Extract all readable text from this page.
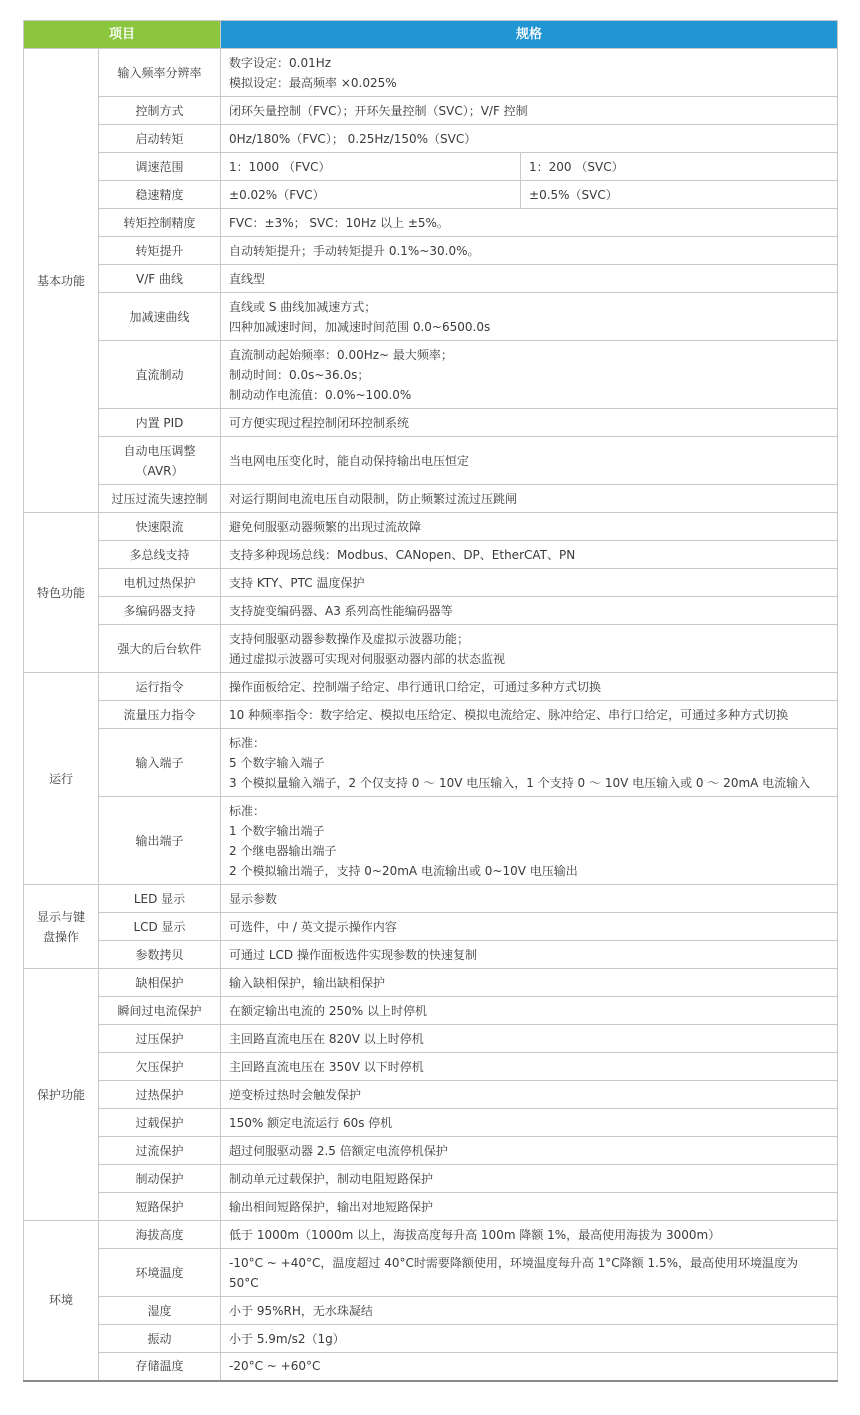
项目		规格	
基本功能	输入频率分辨率	数字设定：0.01Hz
模拟设定：最高频率 ×0.025%	

	控制方式	闭环矢量控制（FVC）；开环矢量控制（SVC）；V/F 控制	

	启动转矩	0Hz/180%（FVC）； 0.25Hz/150%（SVC）	

	调速范围	1：1000 （FVC）	1：200 （SVC）
	稳速精度	±0.02%（FVC）	±0.5%（SVC）
	转矩控制精度	FVC：±3%； SVC：10Hz 以上 ±5%。	

	转矩提升	自动转矩提升；手动转矩提升 0.1%~30.0%。	

	V/F 曲线	直线型	

	加减速曲线	直线或 S 曲线加减速方式；
四种加减速时间，加减速时间范围 0.0~6500.0s	

	直流制动	直流制动起始频率：0.00Hz~ 最大频率；
制动时间：0.0s~36.0s；
制动动作电流值：0.0%~100.0%	

	内置 PID	可方便实现过程控制闭环控制系统	

	自动电压调整
（AVR）	当电网电压变化时，能自动保持输出电压恒定	

	过压过流失速控制	对运行期间电流电压自动限制，防止频繁过流过压跳闸	

特色功能	快速限流	避免伺服驱动器频繁的出现过流故障	

	多总线支持	支持多种现场总线：Modbus、CANopen、DP、EtherCAT、PN	

	电机过热保护	支持 KTY、PTC 温度保护	

	多编码器支持	支持旋变编码器、A3 系列高性能编码器等	

	强大的后台软件	支持伺服驱动器参数操作及虚拟示波器功能；
通过虚拟示波器可实现对伺服驱动器内部的状态监视	

运行	运行指令	操作面板给定、控制端子给定、串行通讯口给定，可通过多种方式切换	

	流量压力指令	10 种频率指令：数字给定、模拟电压给定、模拟电流给定、脉冲给定、串行口给定，可通过多种方式切换	

	输入端子	标准：
5 个数字输入端子
3 个模拟量输入端子，2 个仅支持 0 ～ 10V 电压输入，1 个支持 0 ～ 10V 电压输入或 0 ～ 20mA 电流输入	

	输出端子	标准：
1 个数字输出端子
2 个继电器输出端子
2 个模拟输出端子，支持 0~20mA 电流输出或 0~10V 电压输出	

显示与键
盘操作	LED 显示	显示参数	

	LCD 显示	可选件，中 / 英文提示操作内容	

	参数拷贝	可通过 LCD 操作面板选件实现参数的快速复制	

保护功能	缺相保护	输入缺相保护，输出缺相保护	

	瞬间过电流保护	在额定输出电流的 250% 以上时停机	

	过压保护	主回路直流电压在 820V 以上时停机	

	欠压保护	主回路直流电压在 350V 以下时停机	

	过热保护	逆变桥过热时会触发保护	

	过载保护	150% 额定电流运行 60s 停机	

	过流保护	超过伺服驱动器 2.5 倍额定电流停机保护	

	制动保护	制动单元过载保护，制动电阻短路保护	

	短路保护	输出相间短路保护，输出对地短路保护	

环境	海拔高度	低于 1000m（1000m 以上，海拔高度每升高 100m 降额 1%，最高使用海拔为 3000m）	

	环境温度	-10°C ~ +40°C，温度超过 40°C时需要降额使用，环境温度每升高 1°C降额 1.5%，最高使用环境温度为
50°C	

	湿度	小于 95%RH，无水珠凝结	

	振动	小于 5.9m/s2（1g）	

	存储温度	-20°C ~ +60°C	
